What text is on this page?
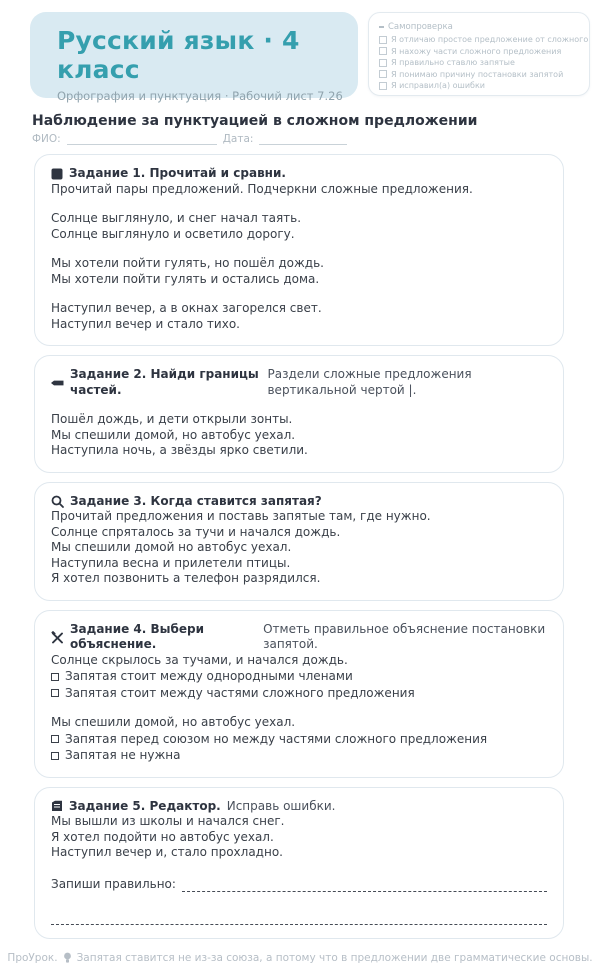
Русский язык · 4 класс
Орфография и пунктуация · Рабочий лист 7.26
Самопроверка
Я отличаю простое предложение от сложного
Я нахожу части сложного предложения
Я правильно ставлю запятые
Я понимаю причину постановки запятой
Я исправил(а) ошибки
Наблюдение за пунктуацией в сложном предложении
ФИО:	Дата:
Задание 1. Прочитай и сравни.
Прочитай пары предложений. Подчеркни сложные предложения.
Солнце выглянуло, и снег начал таять.
Солнце выглянуло и осветило дорогу.
Мы хотели пойти гулять, но пошёл дождь.
Мы хотели пойти гулять и остались дома.
Наступил вечер, а в окнах загорелся свет.
Наступил вечер и стало тихо.
Задание 2. Найди границы частей.
Раздели сложные предложения вертикальной чертой |.
Пошёл дождь, и дети открыли зонты.
Мы спешили домой, но автобус уехал.
Наступила ночь, а звёзды ярко светили.
Задание 3. Когда ставится запятая?
Прочитай предложения и поставь запятые там, где нужно.
Солнце спряталось за тучи и начался дождь.
Мы спешили домой но автобус уехал.
Наступила весна и прилетели птицы.
Я хотел позвонить а телефон разрядился.
Задание 4. Выбери объяснение.
Отметь правильное объяснение постановки запятой.
Солнце скрылось за тучами, и начался дождь.
Запятая стоит между однородными членами
Запятая стоит между частями сложного предложения
Мы спешили домой, но автобус уехал.
Запятая перед союзом но между частями сложного предложения
Запятая не нужна
Задание 5. Редактор. Исправь ошибки.
Мы вышли из школы и начался снег.
Я хотел подойти но автобус уехал.
Наступил вечер и, стало прохладно.
Запиши правильно:
ПроУрок. Запятая ставится не из-за союза, а потому что в предложении две грамматические основы.
